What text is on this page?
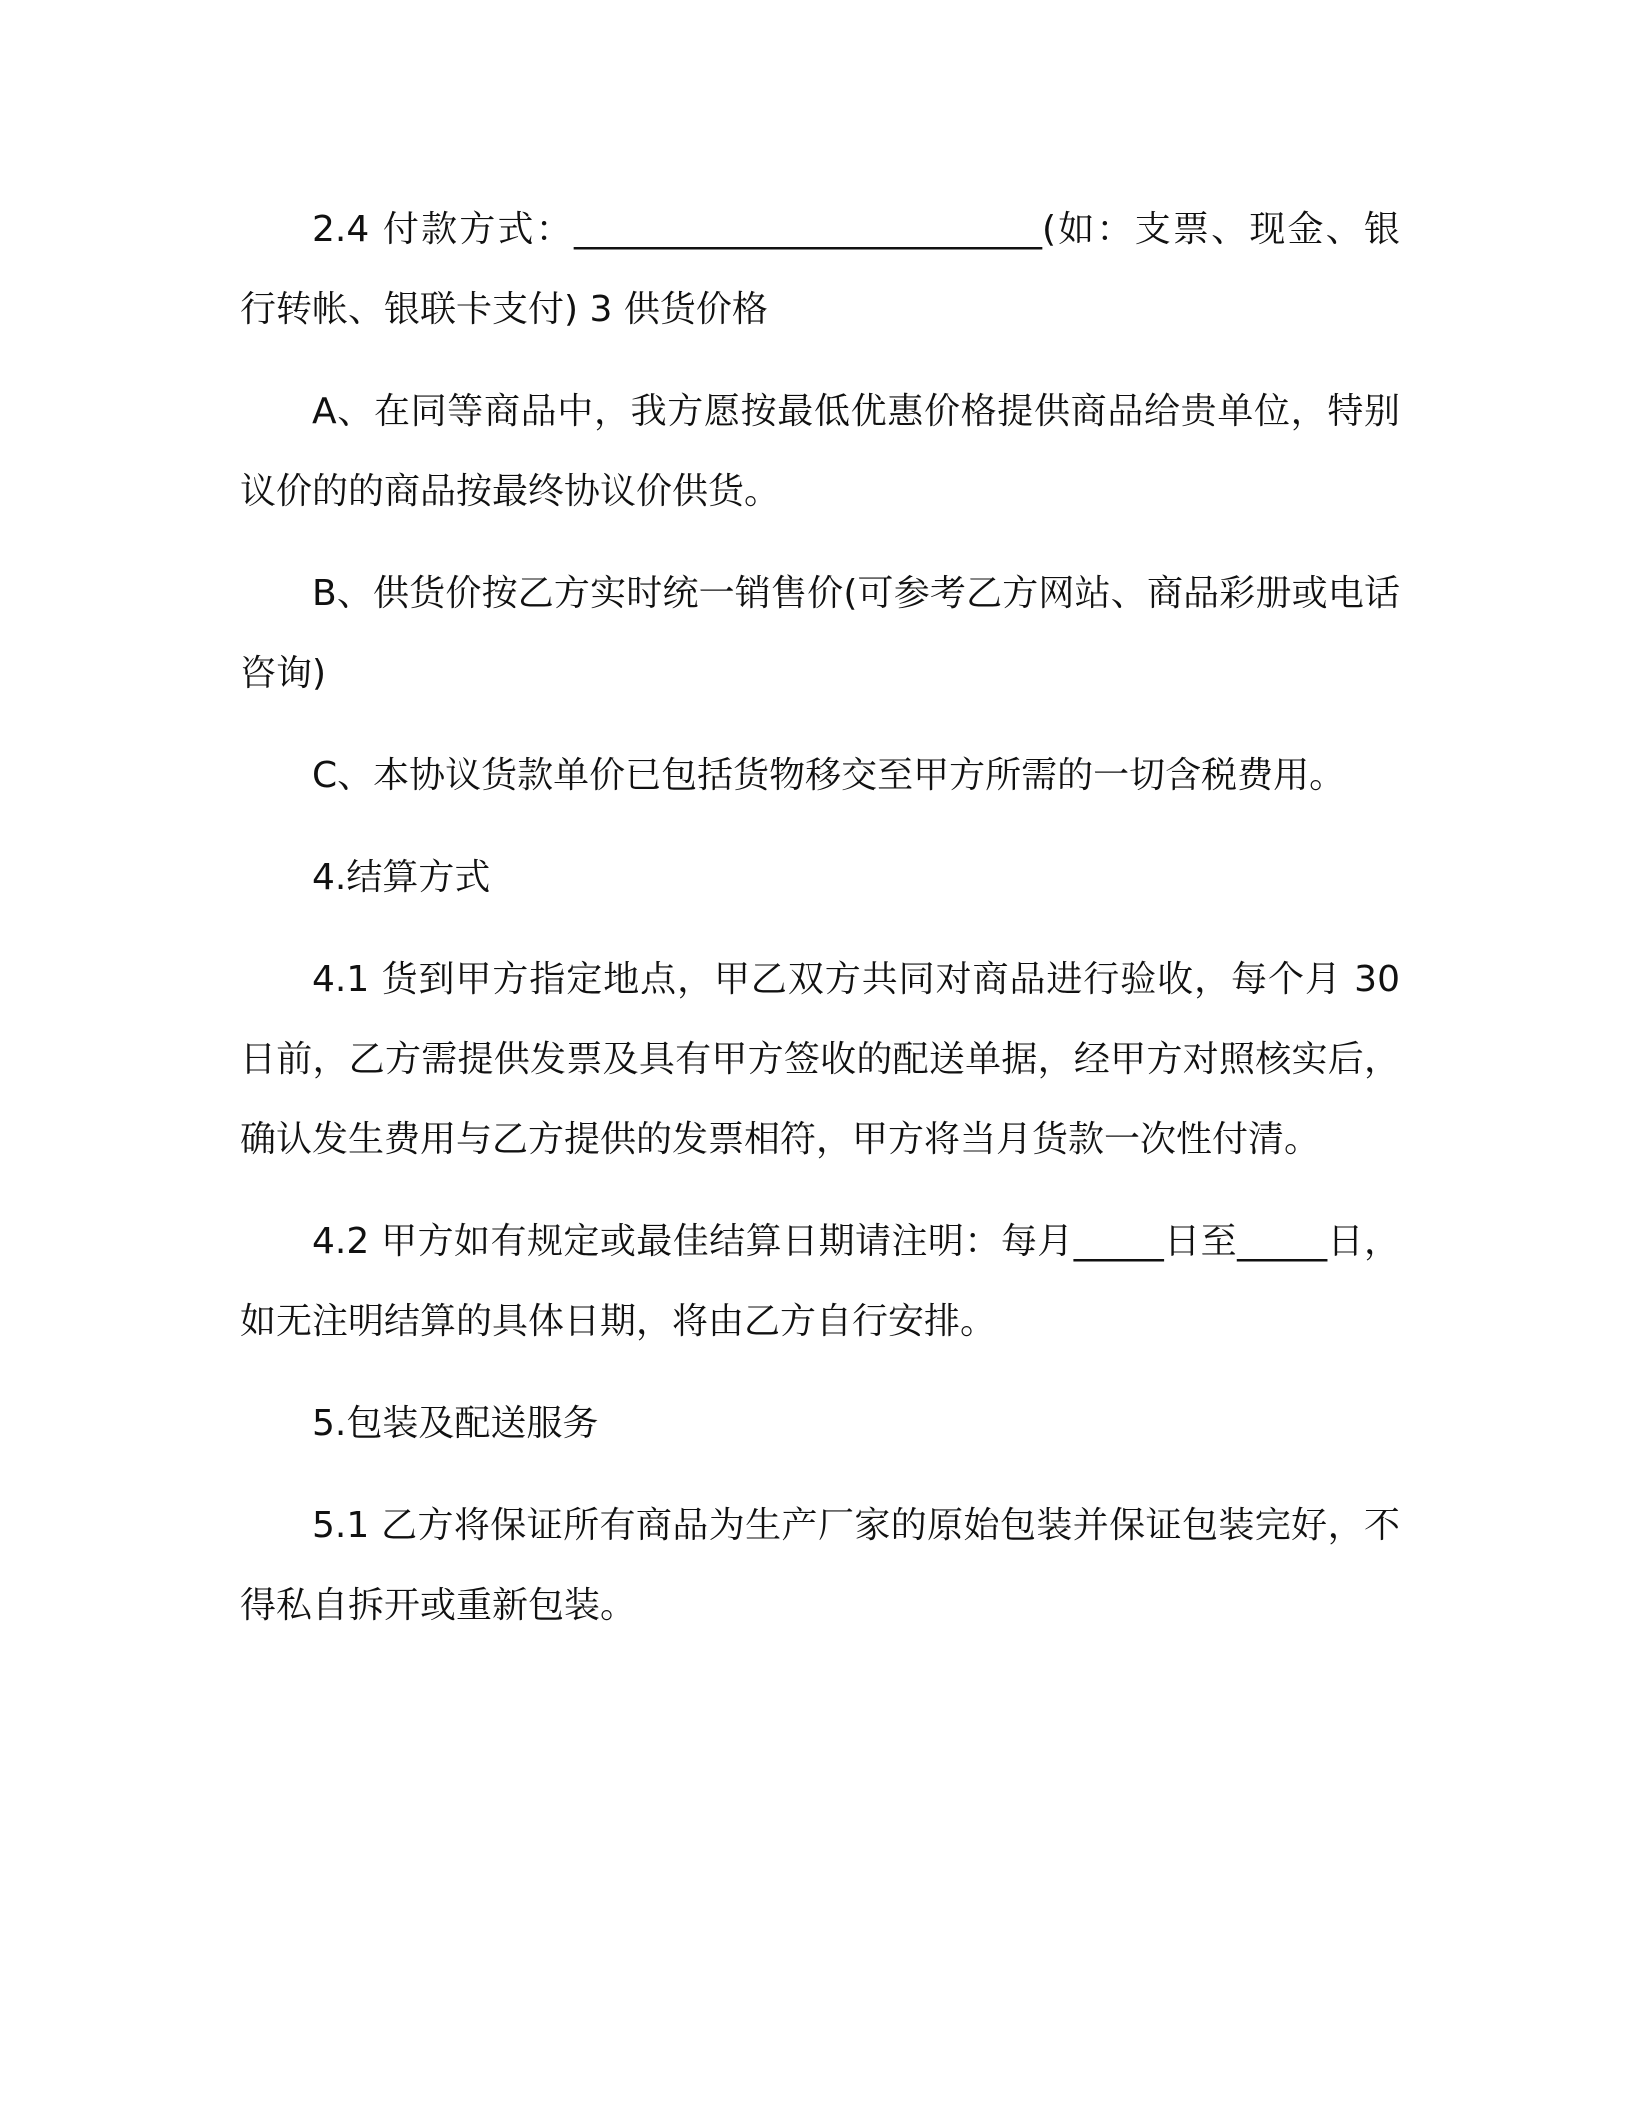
2.4 付款方式：__________________________(如：支票、现金、银行转帐、银联卡支付) 3 供货价格

A、在同等商品中，我方愿按最低优惠价格提供商品给贵单位，特别议价的的商品按最终协议价供货。

B、供货价按乙方实时统一销售价(可参考乙方网站、商品彩册或电话咨询)

C、本协议货款单价已包括货物移交至甲方所需的一切含税费用。

4.结算方式

4.1 货到甲方指定地点，甲乙双方共同对商品进行验收，每个月 30 日前，乙方需提供发票及具有甲方签收的配送单据，经甲方对照核实后，确认发生费用与乙方提供的发票相符，甲方将当月货款一次性付清。

4.2 甲方如有规定或最佳结算日期请注明：每月_____日至_____日，如无注明结算的具体日期，将由乙方自行安排。

5.包装及配送服务

5.1 乙方将保证所有商品为生产厂家的原始包装并保证包装完好，不得私自拆开或重新包装。
